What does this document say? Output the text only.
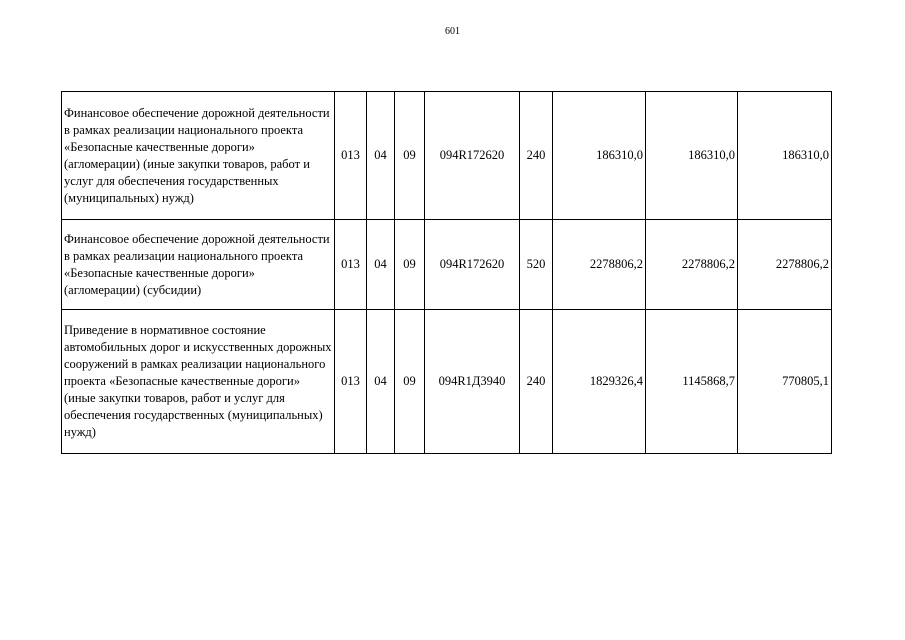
601
Финансовое обеспечение дорожной деятельности в рамках реализации национального проекта «Безопасные качественные дороги» (агломерации) (иные закупки товаров, работ и услуг для обеспечения государственных (муниципальных) нужд)	013	04	09	094R172620	240	186310,0	186310,0	186310,0
Финансовое обеспечение дорожной деятельности в рамках реализации национального проекта «Безопасные качественные дороги» (агломерации) (субсидии)	013	04	09	094R172620	520	2278806,2	2278806,2	2278806,2
Приведение в нормативное состояние автомобильных дорог и искусственных дорожных сооружений в рамках реализации национального проекта «Безопасные качественные дороги» (иные закупки товаров, работ и услуг для обеспечения государственных (муниципальных) нужд)	013	04	09	094R1Д3940	240	1829326,4	1145868,7	770805,1
